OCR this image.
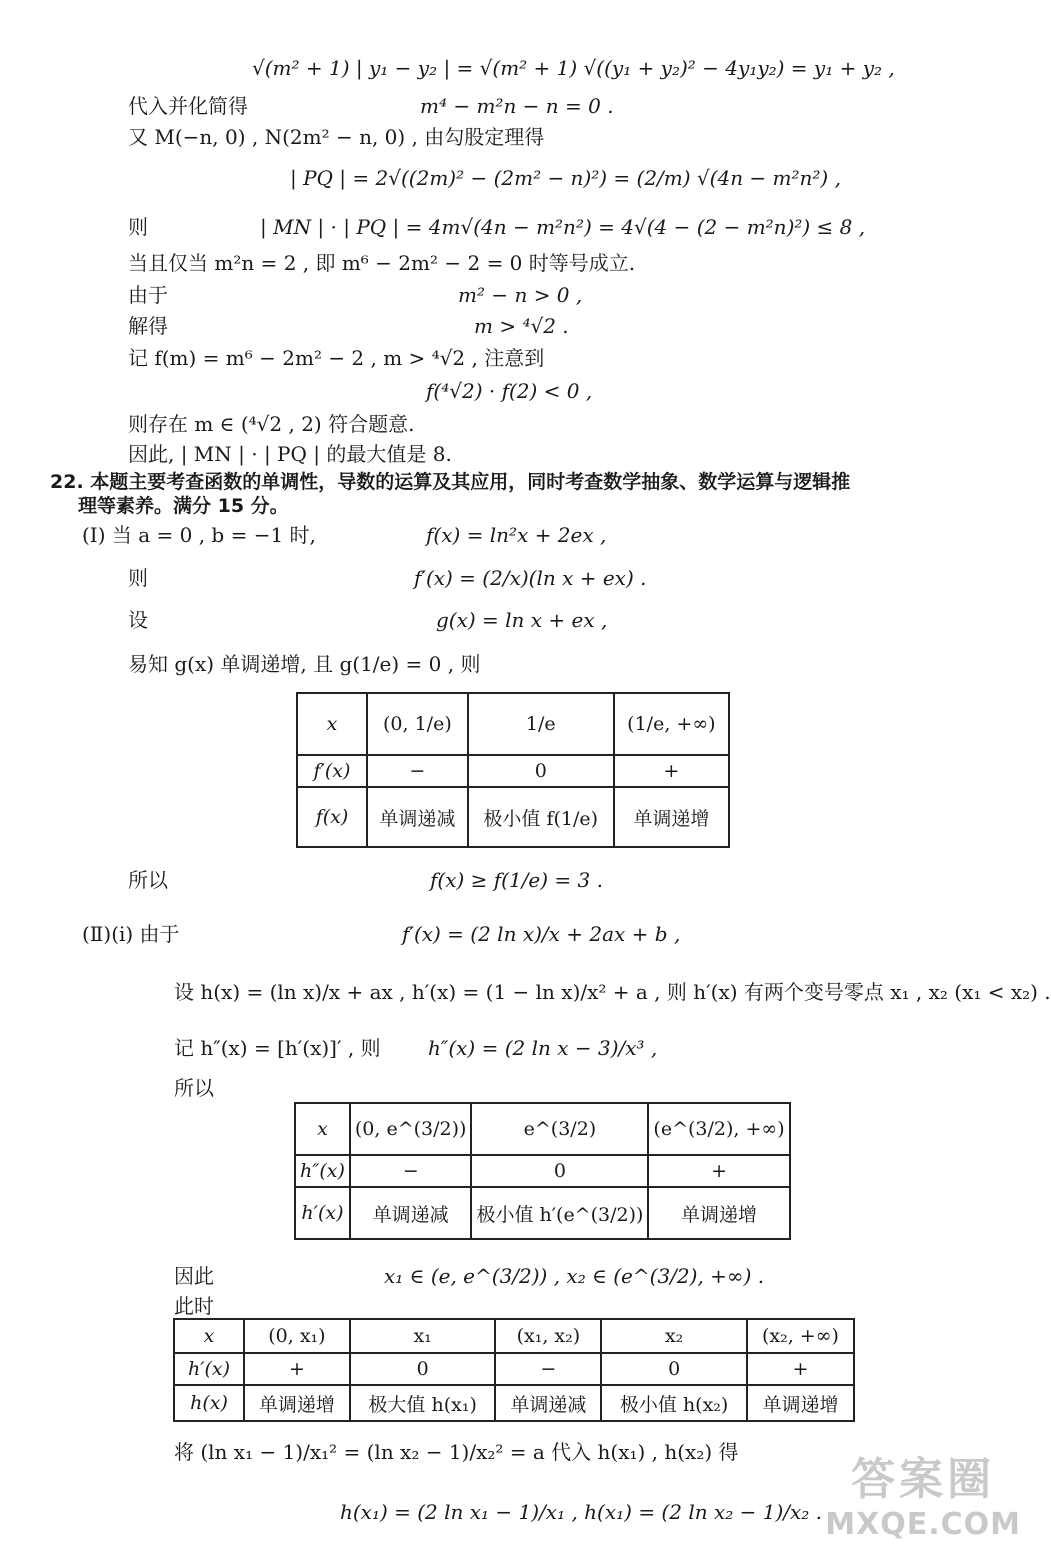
√(m² + 1) | y₁ − y₂ | = √(m² + 1) √((y₁ + y₂)² − 4y₁y₂) = y₁ + y₂ ,
代入并化简得	m⁴ − m²n − n = 0 .
又 M(−n, 0) , N(2m² − n, 0) , 由勾股定理得
| PQ | = 2√((2m)² − (2m² − n)²) = (2/m) √(4n − m²n²) ,
则	| MN | · | PQ | = 4m√(4n − m²n²) = 4√(4 − (2 − m²n)²) ≤ 8 ,
当且仅当 m²n = 2 , 即 m⁶ − 2m² − 2 = 0 时等号成立.
由于	m² − n > 0 ,
解得	m > ⁴√2 .
记 f(m) = m⁶ − 2m² − 2 , m > ⁴√2 , 注意到
f(⁴√2) · f(2) < 0 ,
则存在 m ∈ (⁴√2 , 2) 符合题意.
因此, | MN | · | PQ | 的最大值是 8.
22. 本题主要考查函数的单调性，导数的运算及其应用，同时考查数学抽象、数学运算与逻辑推
理等素养。满分 15 分。
(Ⅰ) 当 a = 0 , b = −1 时,	f(x) = ln²x + 2ex ,
则	f′(x) = (2/x)(ln x + ex) .
设	g(x) = ln x + ex ,
易知 g(x) 单调递增, 且 g(1/e) = 0 , 则
x	(0, 1/e)	1/e	(1/e, +∞)
f′(x)	−	0	+
f(x)	单调递减	极小值 f(1/e)	单调递增
所以	f(x) ≥ f(1/e) = 3 .
(Ⅱ)(ⅰ) 由于	f′(x) = (2 ln x)/x + 2ax + b ,
设 h(x) = (ln x)/x + ax , h′(x) = (1 − ln x)/x² + a , 则 h′(x) 有两个变号零点 x₁ , x₂ (x₁ < x₂) .
记 h″(x) = [h′(x)]′ , 则 h″(x) = (2 ln x − 3)/x³ ,
所以
x	(0, e^(3/2))	e^(3/2)	(e^(3/2), +∞)
h″(x)	−	0	+
h′(x)	单调递减	极小值 h′(e^(3/2))	单调递增
因此	x₁ ∈ (e, e^(3/2)) , x₂ ∈ (e^(3/2), +∞) .
此时
x	(0, x₁)	x₁	(x₁, x₂)	x₂	(x₂, +∞)
h′(x)	+	0	−	0	+
h(x)	单调递增	极大值 h(x₁)	单调递减	极小值 h(x₂)	单调递增
将 (ln x₁ − 1)/x₁² = (ln x₂ − 1)/x₂² = a 代入 h(x₁) , h(x₂) 得
h(x₁) = (2 ln x₁ − 1)/x₁ , h(x₁) = (2 ln x₂ − 1)/x₂ .
答案圈
MXQE.COM
